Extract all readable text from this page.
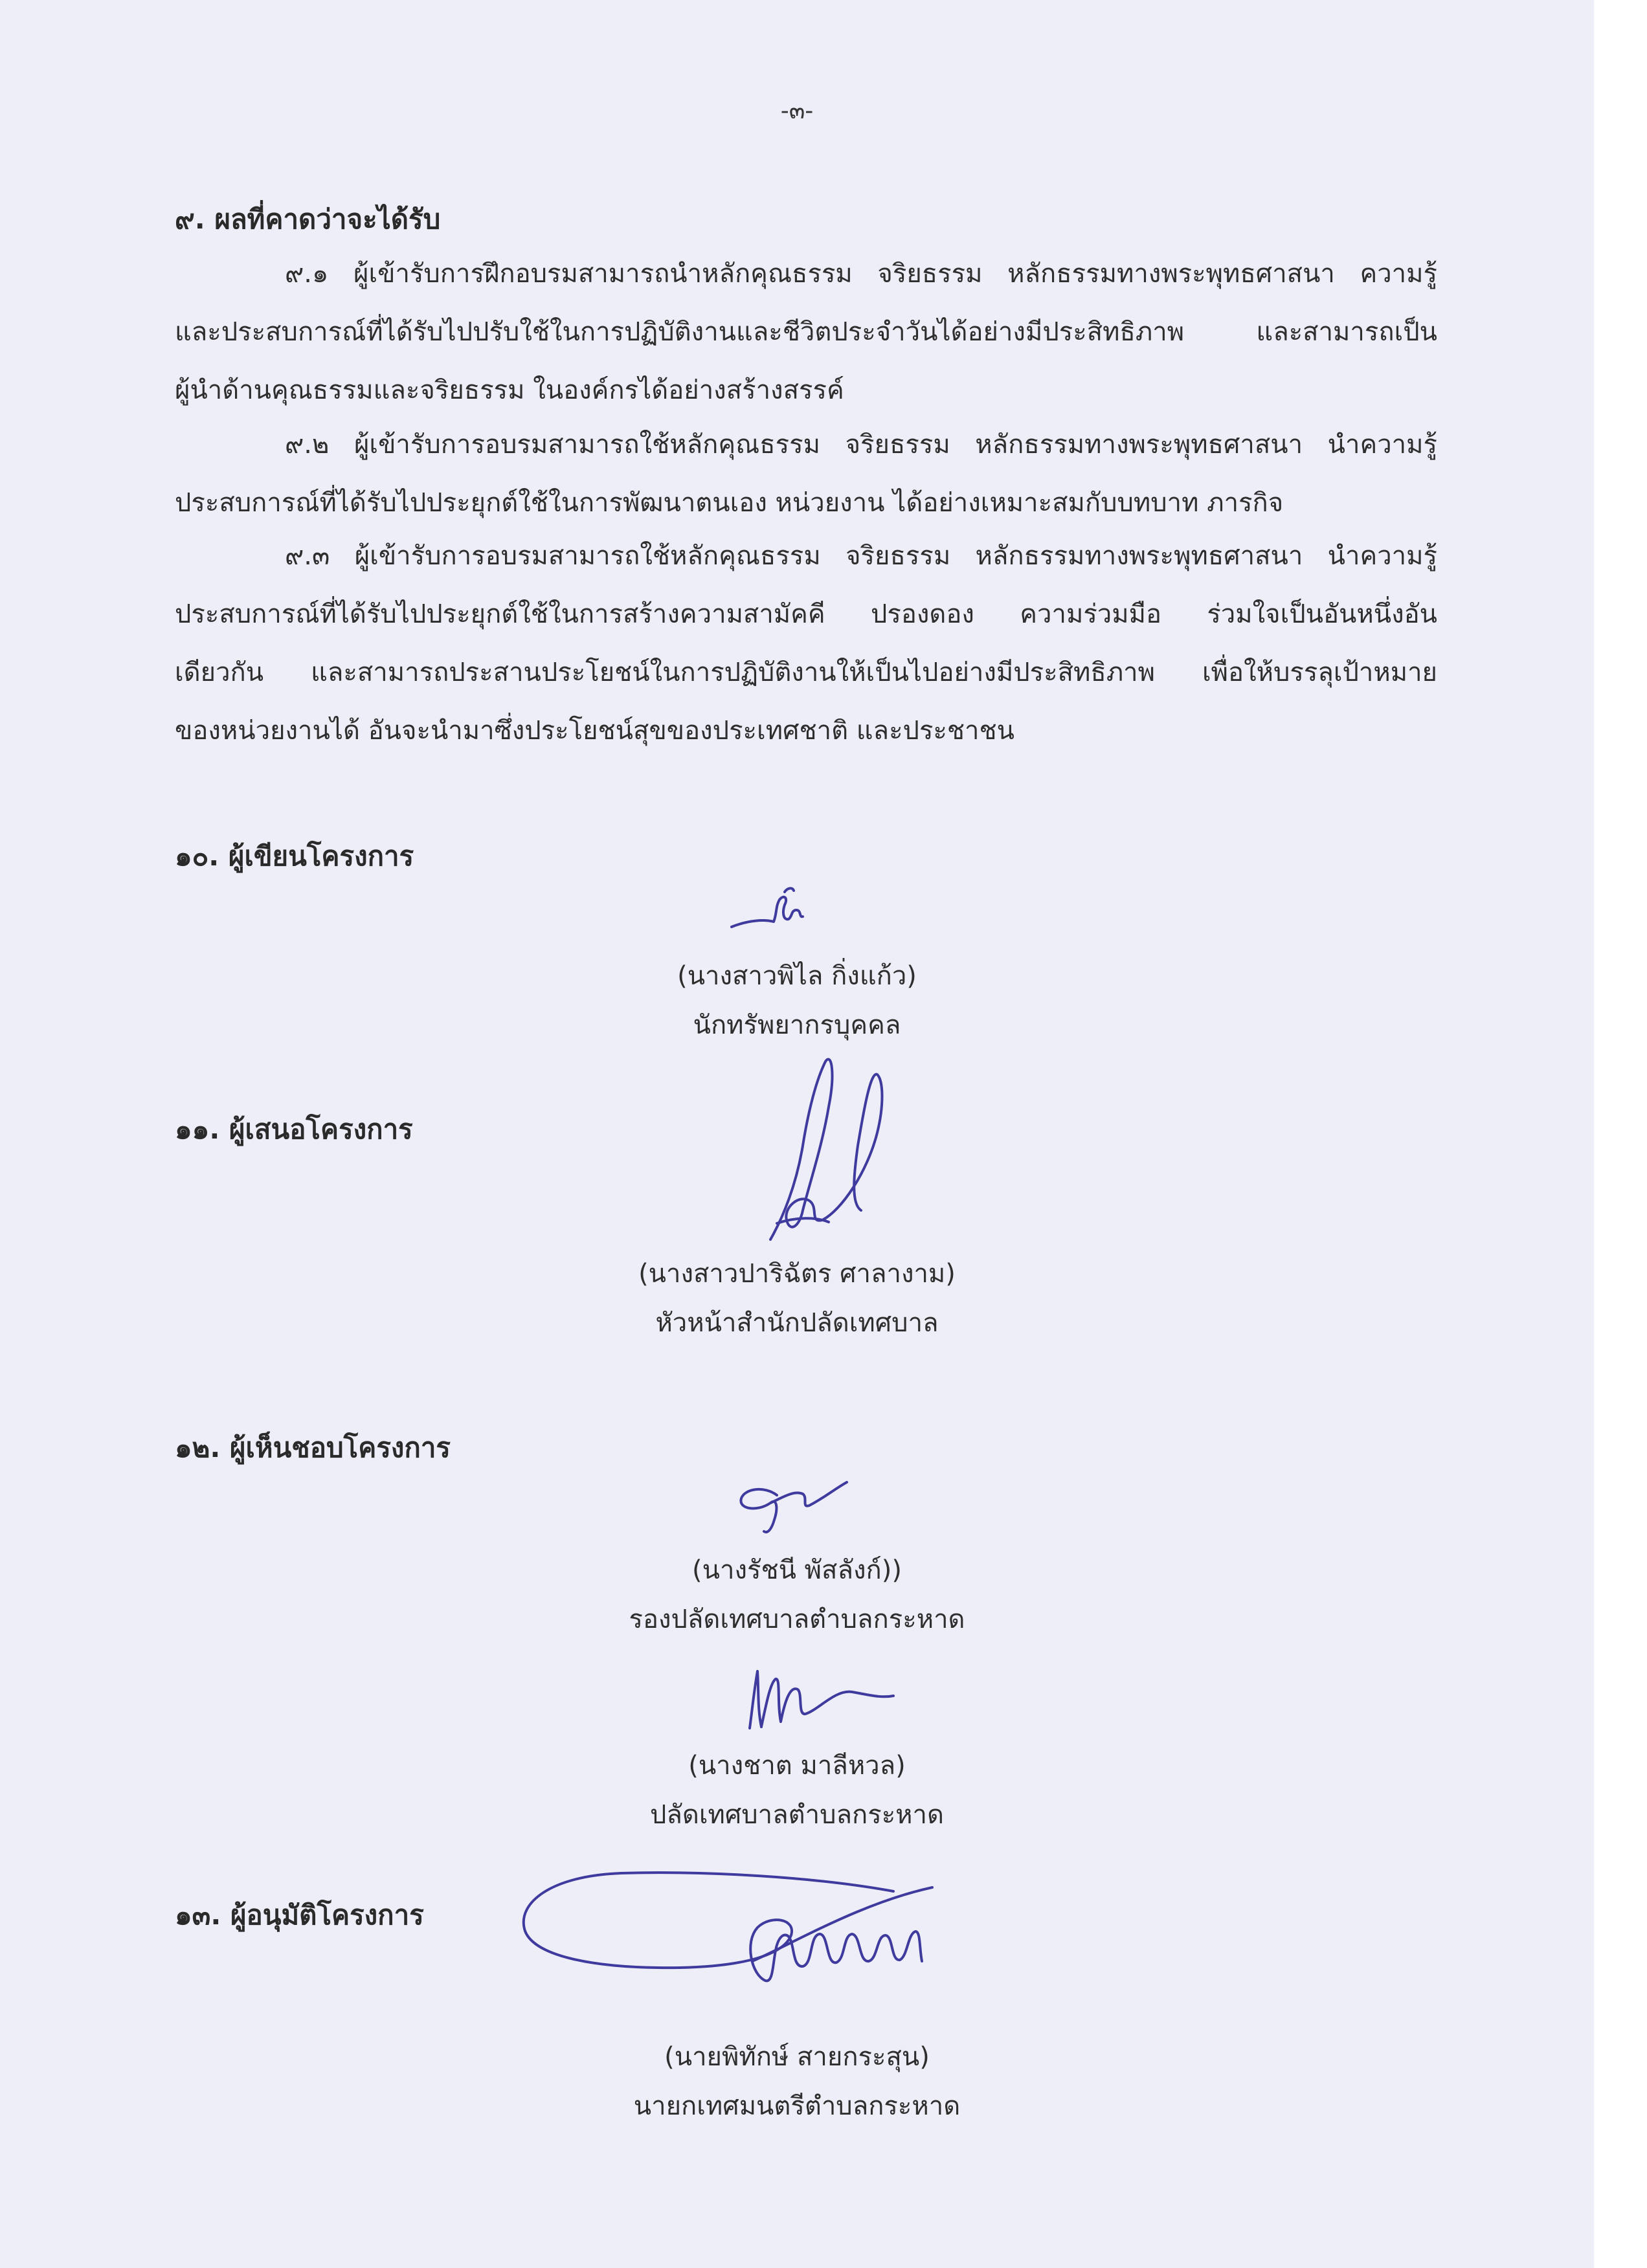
-๓-
๙. ผลที่คาดว่าจะได้รับ
๙.๑ ผู้เข้ารับการฝึกอบรมสามารถนำหลักคุณธรรม จริยธรรม หลักธรรมทางพระพุทธศาสนา ความรู้
และประสบการณ์ที่ได้รับไปปรับใช้ในการปฏิบัติงานและชีวิตประจำวันได้อย่างมีประสิทธิภาพ และสามารถเป็น
ผู้นำด้านคุณธรรมและจริยธรรม ในองค์กรได้อย่างสร้างสรรค์
๙.๒ ผู้เข้ารับการอบรมสามารถใช้หลักคุณธรรม จริยธรรม หลักธรรมทางพระพุทธศาสนา นำความรู้
ประสบการณ์ที่ได้รับไปประยุกต์ใช้ในการพัฒนาตนเอง หน่วยงาน ได้อย่างเหมาะสมกับบทบาท ภารกิจ
๙.๓ ผู้เข้ารับการอบรมสามารถใช้หลักคุณธรรม จริยธรรม หลักธรรมทางพระพุทธศาสนา นำความรู้
ประสบการณ์ที่ได้รับไปประยุกต์ใช้ในการสร้างความสามัคคี ปรองดอง ความร่วมมือ ร่วมใจเป็นอันหนึ่งอัน
เดียวกัน และสามารถประสานประโยชน์ในการปฏิบัติงานให้เป็นไปอย่างมีประสิทธิภาพ เพื่อให้บรรลุเป้าหมาย
ของหน่วยงานได้ อันจะนำมาซึ่งประโยชน์สุขของประเทศชาติ และประชาชน
๑๐. ผู้เขียนโครงการ
(นางสาวพิไล กิ่งแก้ว)
นักทรัพยากรบุคคล
๑๑. ผู้เสนอโครงการ
(นางสาวปาริฉัตร ศาลางาม)
หัวหน้าสำนักปลัดเทศบาล
๑๒. ผู้เห็นชอบโครงการ
(นางรัชนี พัสลังก์))
รองปลัดเทศบาลตำบลกระหาด
(นางชาต มาลีหวล)
ปลัดเทศบาลตำบลกระหาด
๑๓. ผู้อนุมัติโครงการ
(นายพิทักษ์ สายกระสุน)
นายกเทศมนตรีตำบลกระหาด
